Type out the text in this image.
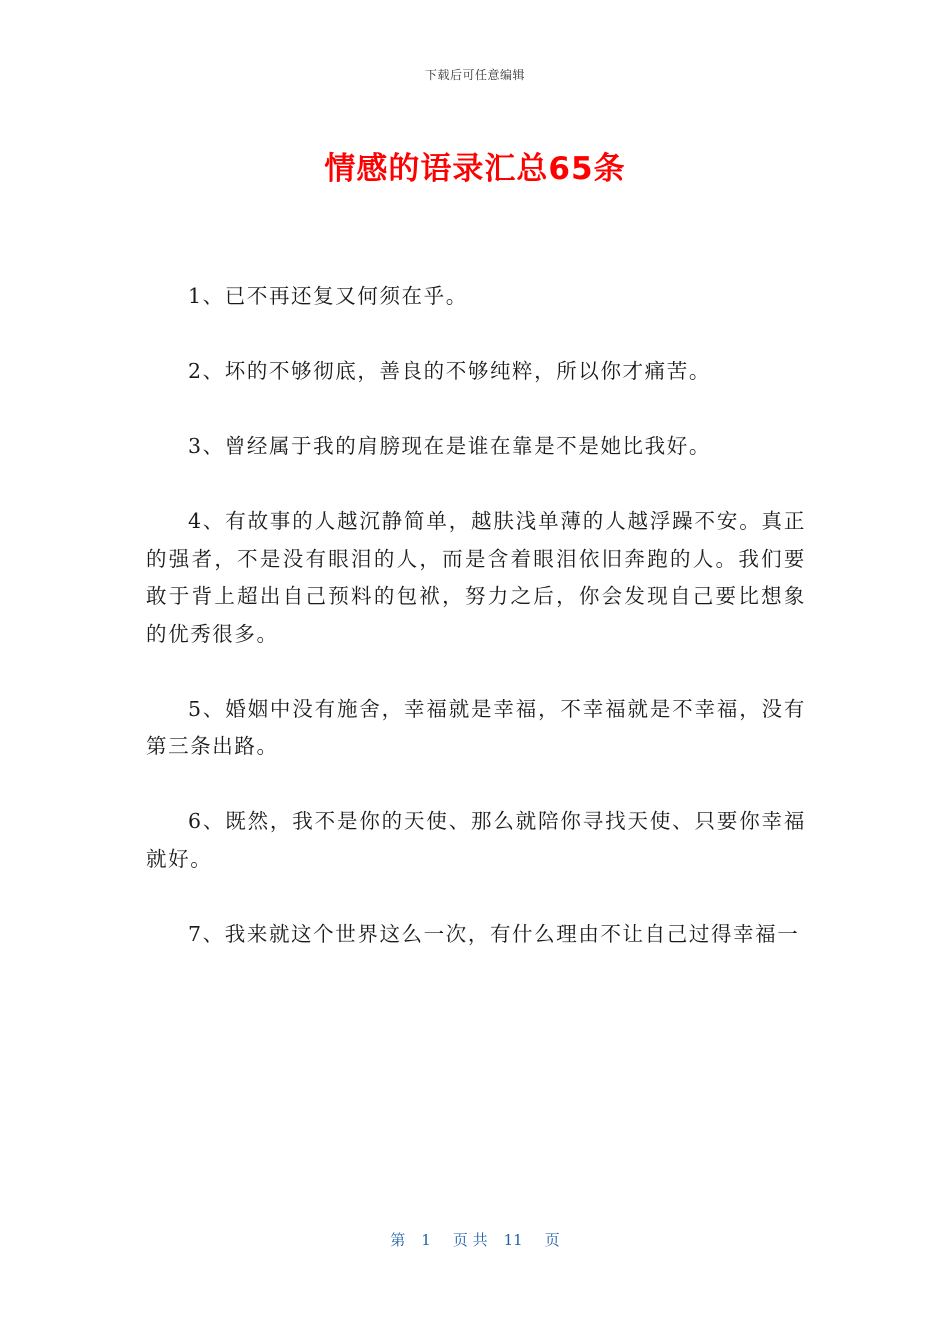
下载后可任意编辑
情感的语录汇总65条

1、已不再还复又何须在乎。

2、坏的不够彻底，善良的不够纯粹，所以你才痛苦。

3、曾经属于我的肩膀现在是谁在靠是不是她比我好。

4、有故事的人越沉静简单，越肤浅单薄的人越浮躁不安。真正的强者，不是没有眼泪的人，而是含着眼泪依旧奔跑的人。我们要敢于背上超出自己预料的包袱，努力之后，你会发现自己要比想象的优秀很多。

5、婚姻中没有施舍，幸福就是幸福，不幸福就是不幸福，没有第三条出路。

6、既然，我不是你的天使、那么就陪你寻找天使、只要你幸福就好。

7、我来就这个世界这么一次，有什么理由不让自己过得幸福一

第 1 页 共 11 页
